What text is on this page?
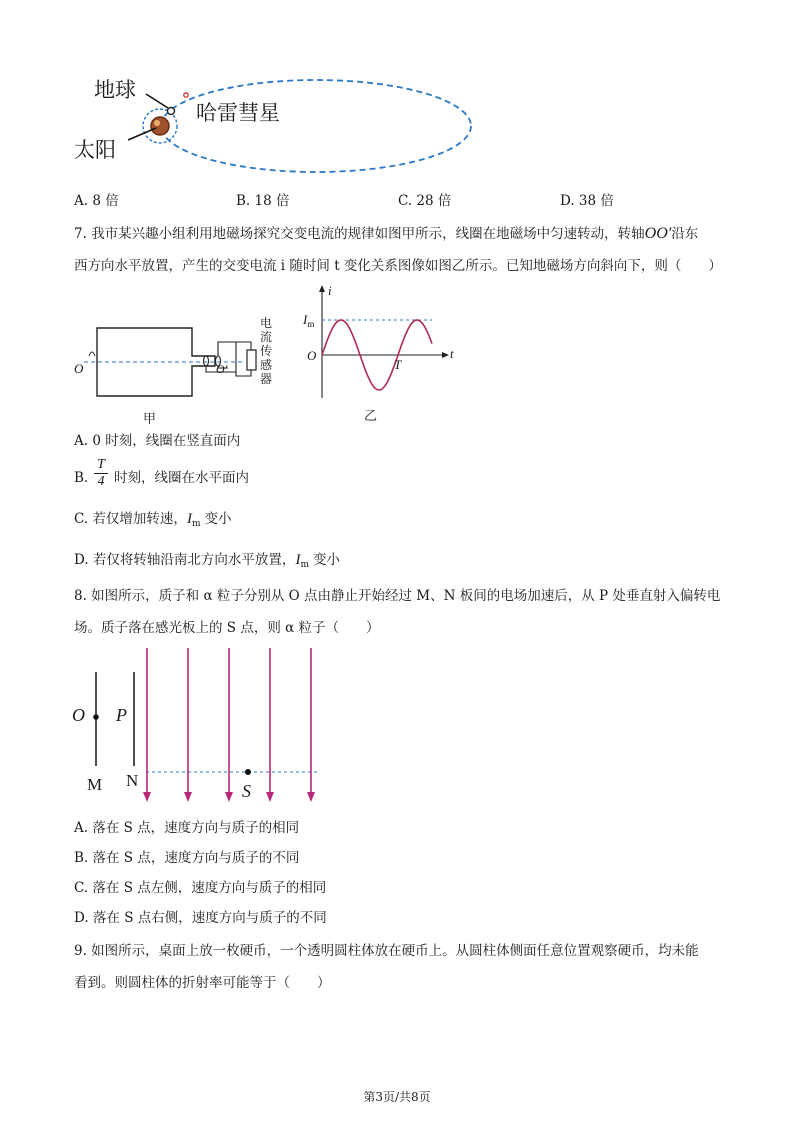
地球
哈雷彗星
太阳
A. 8 倍	B. 18 倍	C. 28 倍	D. 38 倍
7. 我市某兴趣小组利用地磁场探究交变电流的规律如图甲所示，线圈在地磁场中匀速转动，转轴OO′沿东
西方向水平放置，产生的交变电流 i 随时间 t 变化关系图像如图乙所示。已知地磁场方向斜向下，则（　　）
O	O′
电
流
传
感
器
甲
i
$I_m$
O	t
T
乙
A. 0 时刻，线圈在竖直面内
B.
T
4 时刻，线圈在水平面内
C. 若仅增加转速，$I_m$ 变小
D. 若仅将转轴沿南北方向水平放置，$I_m$ 变小
8. 如图所示，质子和 α 粒子分别从 O 点由静止开始经过 M、N 板间的电场加速后，从 P 处垂直射入偏转电
场。质子落在感光板上的 S 点，则 α 粒子（　　）
O P
M N
S
A. 落在 S 点，速度方向与质子的相同
B. 落在 S 点，速度方向与质子的不同
C. 落在 S 点左侧，速度方向与质子的相同
D. 落在 S 点右侧，速度方向与质子的不同
9. 如图所示，桌面上放一枚硬币，一个透明圆柱体放在硬币上。从圆柱体侧面任意位置观察硬币，均未能
看到。则圆柱体的折射率可能等于（　　）
第3页/共8页
